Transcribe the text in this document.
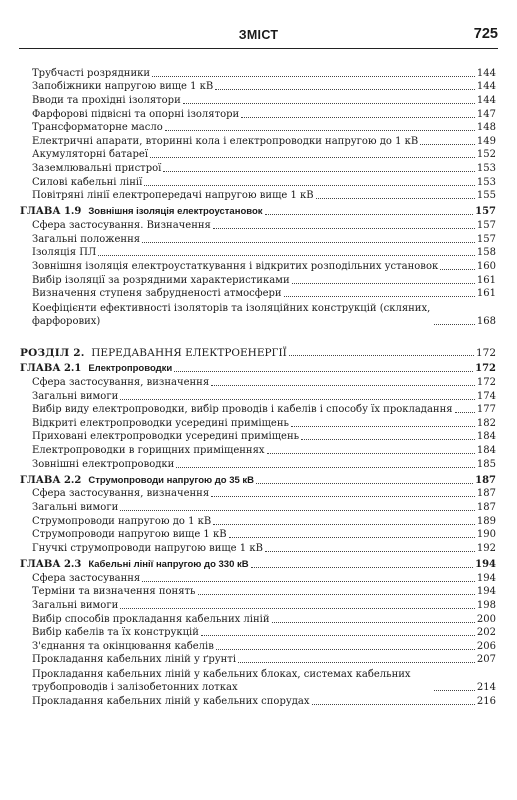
ЗМІСТ	725
Трубчасті розрядники	144
Запобіжники напругою вище 1 кВ	144
Вводи та прохідні ізолятори	144
Фарфорові підвісні та опорні ізолятори	147
Трансформаторне масло	148
Електричні апарати, вторинні кола і електропроводки напругою до 1 кВ	149
Акумуляторні батареї	152
Заземлювальні пристрої	153
Силові кабельні лінії	153
Повітряні лінії електропередачі напругою вище 1 кВ	155
ГЛАВА 1.9 Зовнішня ізоляція електроустановок	157
Сфера застосування. Визначення	157
Загальні положення	157
Ізоляція ПЛ	158
Зовнішня ізоляція електроустаткування і відкритих розподільних установок	160
Вибір ізоляції за розрядними характеристиками	161
Визначення ступеня забрудненості атмосфери	161
Коефіцієнти ефективності ізоляторів та ізоляційних конструкцій (скляних, фарфорових)	168
РОЗДІЛ 2. ПЕРЕДАВАННЯ ЕЛЕКТРОЕНЕРГІЇ	172
ГЛАВА 2.1 Електропроводки	172
Сфера застосування, визначення	172
Загальні вимоги	174
Вибір виду електропроводки, вибір проводів і кабелів і способу їх прокладання 177
Відкриті електропроводки усередині приміщень	182
Приховані електропроводки усередині приміщень	184
Електропроводки в горищних приміщеннях	184
Зовнішні електропроводки	185
ГЛАВА 2.2 Струмопроводи напругою до 35 кВ	187
Сфера застосування, визначення	187
Загальні вимоги	187
Струмопроводи напругою до 1 кВ	189
Струмопроводи напругою вище 1 кВ	190
Гнучкі струмопроводи напругою вище 1 кВ	192
ГЛАВА 2.3 Кабельні лінії напругою до 330 кВ	194
Сфера застосування	194
Терміни та визначення понять	194
Загальні вимоги	198
Вибір способів прокладання кабельних ліній	200
Вибір кабелів та їх конструкцій	202
З'єднання та окінцювання кабелів	206
Прокладання кабельних ліній у ґрунті	207
Прокладання кабельних ліній у кабельних блоках, системах кабельних трубопроводів і залізобетонних лотках	214
Прокладання кабельних ліній у кабельних спорудах	216
